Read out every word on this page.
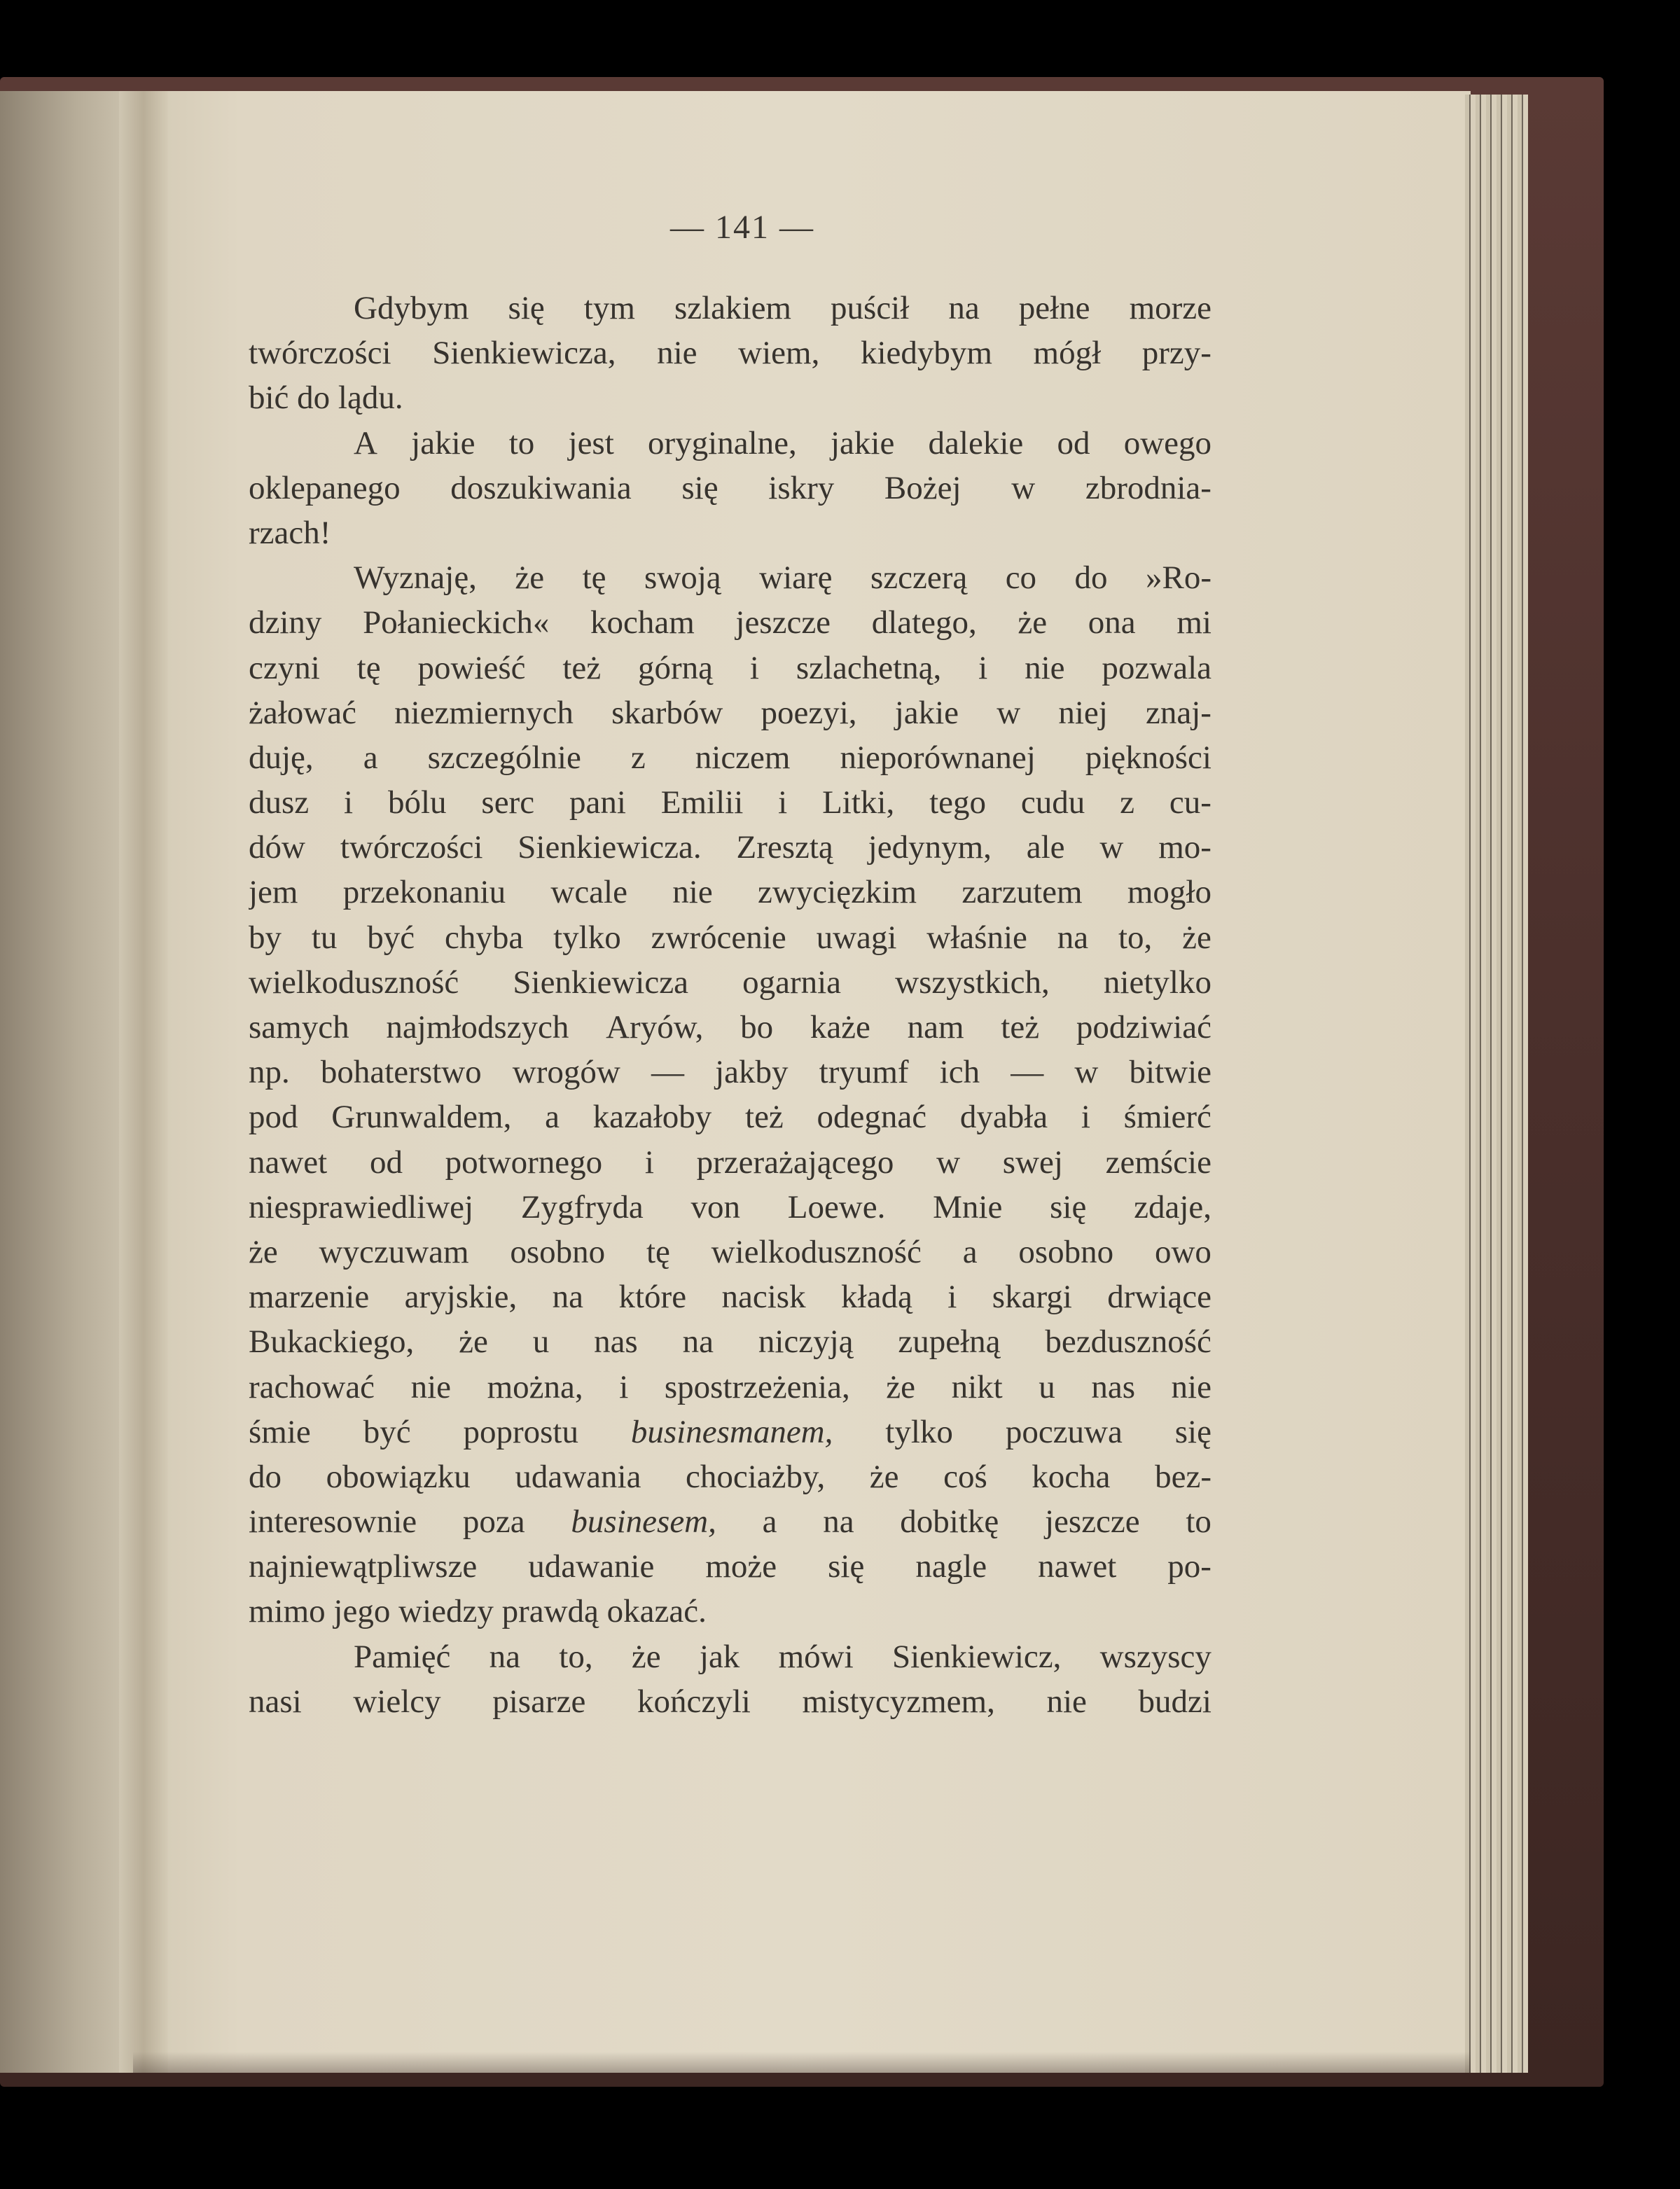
— 141 —
Gdybym się tym szlakiem puścił na pełne morze
twórczości Sienkiewicza, nie wiem, kiedybym mógł przy-
bić do lądu.
A jakie to jest oryginalne, jakie dalekie od owego
oklepanego doszukiwania się iskry Bożej w zbrodnia-
rzach!
Wyznaję, że tę swoją wiarę szczerą co do »Ro-
dziny Połanieckich« kocham jeszcze dlatego, że ona mi
czyni tę powieść też górną i szlachetną, i nie pozwala
żałować niezmiernych skarbów poezyi, jakie w niej znaj-
duję, a szczególnie z niczem nieporównanej piękności
dusz i bólu serc pani Emilii i Litki, tego cudu z cu-
dów twórczości Sienkiewicza. Zresztą jedynym, ale w mo-
jem przekonaniu wcale nie zwycięzkim zarzutem mogło
by tu być chyba tylko zwrócenie uwagi właśnie na to, że
wielkoduszność Sienkiewicza ogarnia wszystkich, nietylko
samych najmłodszych Aryów, bo każe nam też podziwiać
np. bohaterstwo wrogów — jakby tryumf ich — w bitwie
pod Grunwaldem, a kazałoby też odegnać dyabła i śmierć
nawet od potwornego i przerażającego w swej zemście
niesprawiedliwej Zygfryda von Loewe. Mnie się zdaje,
że wyczuwam osobno tę wielkoduszność a osobno owo
marzenie aryjskie, na które nacisk kładą i skargi drwiące
Bukackiego, że u nas na niczyją zupełną bezduszność
rachować nie można, i spostrzeżenia, że nikt u nas nie
śmie być poprostu businesmanem, tylko poczuwa się
do obowiązku udawania chociażby, że coś kocha bez-
interesownie poza businesem, a na dobitkę jeszcze to
najniewątpliwsze udawanie może się nagle nawet po-
mimo jego wiedzy prawdą okazać.
Pamięć na to, że jak mówi Sienkiewicz, wszyscy
nasi wielcy pisarze kończyli mistycyzmem, nie budzi
